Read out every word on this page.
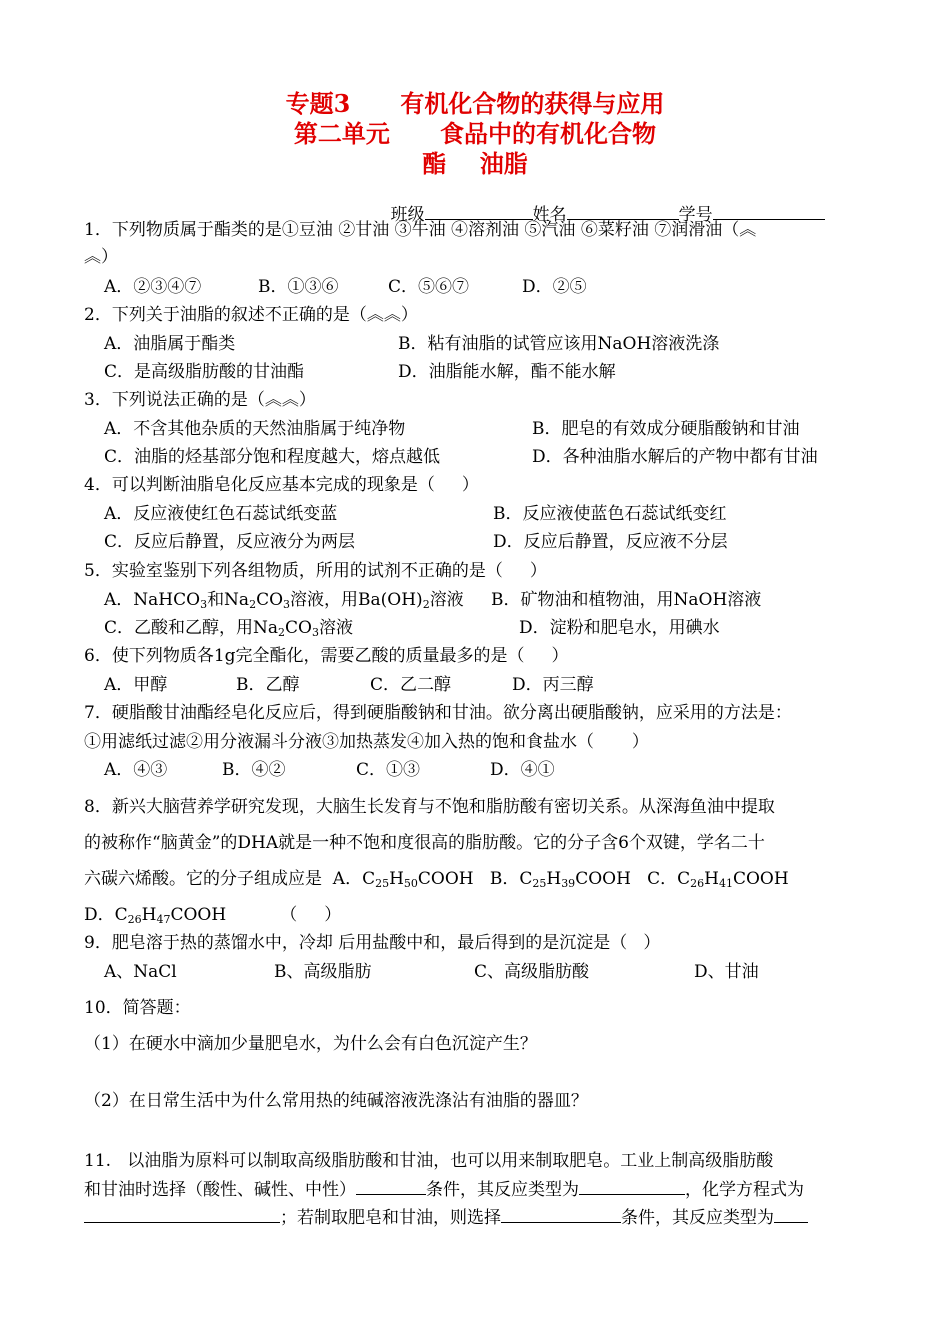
专题3      有机化合物的获得与应用
第二单元      食品中的有机化合物
酯    油脂

班级	姓名	学号

1．下列物质属于酯类的是①豆油 ②甘油 ③牛油 ④溶剂油 ⑤汽油 ⑥菜籽油 ⑦润滑油（︽
︽）
A．②③④⑦	B．①③⑥	C．⑤⑥⑦	D．②⑤
2．下列关于油脂的叙述不正确的是（︽︽）
A．油脂属于酯类	B．粘有油脂的试管应该用NaOH溶液洗涤
C．是高级脂肪酸的甘油酯	D．油脂能水解，酯不能水解
3．下列说法正确的是（︽︽）
A．不含其他杂质的天然油脂属于纯净物	B．肥皂的有效成分硬脂酸钠和甘油
C．油脂的烃基部分饱和程度越大，熔点越低	D．各种油脂水解后的产物中都有甘油
4．可以判断油脂皂化反应基本完成的现象是（     ）
A．反应液使红色石蕊试纸变蓝	B．反应液使蓝色石蕊试纸变红
C．反应后静置，反应液分为两层	D．反应后静置，反应液不分层
5．实验室鉴别下列各组物质，所用的试剂不正确的是（     ）
A．NaHCO$_3$和$Na_2CO_3$溶液，用$Ba(OH)_2$溶液 B．矿物油和植物油，用NaOH溶液
C．乙酸和乙醇，用$Na_2CO_3$溶液	D．淀粉和肥皂水，用碘水
6．使下列物质各1g完全酯化，需要乙酸的质量最多的是（     ）
A．甲醇	B．乙醇	C．乙二醇	D．丙三醇
7．硬脂酸甘油酯经皂化反应后，得到硬脂酸钠和甘油。欲分离出硬脂酸钠，应采用的方法是：
①用滤纸过滤②用分液漏斗分液③加热蒸发④加入热的饱和食盐水（       ）
A．④③	B．④②	C．①③	D．④①
8．新兴大脑营养学研究发现，大脑生长发育与不饱和脂肪酸有密切关系。从深海鱼油中提取
的被称作“脑黄金”的DHA就是一种不饱和度很高的脂肪酸。它的分子含6个双键，学名二十
六碳六烯酸。它的分子组成应是  A．$C_{25}H_{50}COOH$ B．$C_{25}H_{39}COOH$ C．$C_{26}H_{41}COOH$
D．$C_{26}H_{47}COOH$	（     ）
9．肥皂溶于热的蒸馏水中，冷却 后用盐酸中和，最后得到的是沉淀是（   ）
A、NaCl	B、高级脂肪	C、高级脂肪酸	D、甘油
10．简答题：
（1）在硬水中滴加少量肥皂水，为什么会有白色沉淀产生？
（2）在日常生活中为什么常用热的纯碱溶液洗涤沾有油脂的器皿？
11.   以油脂为原料可以制取高级脂肪酸和甘油，也可以用来制取肥皂。工业上制高级脂肪酸
和甘油时选择（酸性、碱性、中性）	条件，其反应类型为	，化学方程式为
；若制取肥皂和甘油，则选择	条件，其反应类型为
